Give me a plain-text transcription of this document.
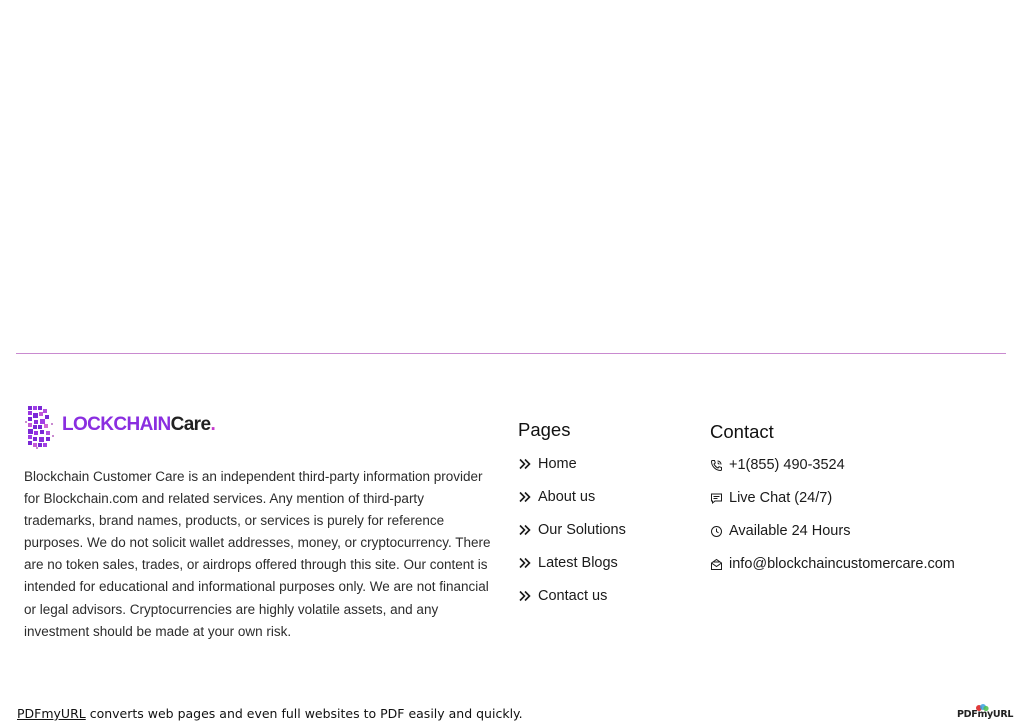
LOCKCHAINCare.

Blockchain Customer Care is an independent third-party information provider for Blockchain.com and related services. Any mention of third-party trademarks, brand names, products, or services is purely for reference purposes. We do not solicit wallet addresses, money, or cryptocurrency. There are no token sales, trades, or airdrops offered through this site. Our content is intended for educational and informational purposes only. We are not financial or legal advisors. Cryptocurrencies are highly volatile assets, and any investment should be made at your own risk.

Pages
Home
About us
Our Solutions
Latest Blogs
Contact us
Contact
+1(855) 490-3524
Live Chat (24/7)
Available 24 Hours
info@blockchaincustomercare.com
PDFmyURL converts web pages and even full websites to PDF easily and quickly.	PDFmyURL
